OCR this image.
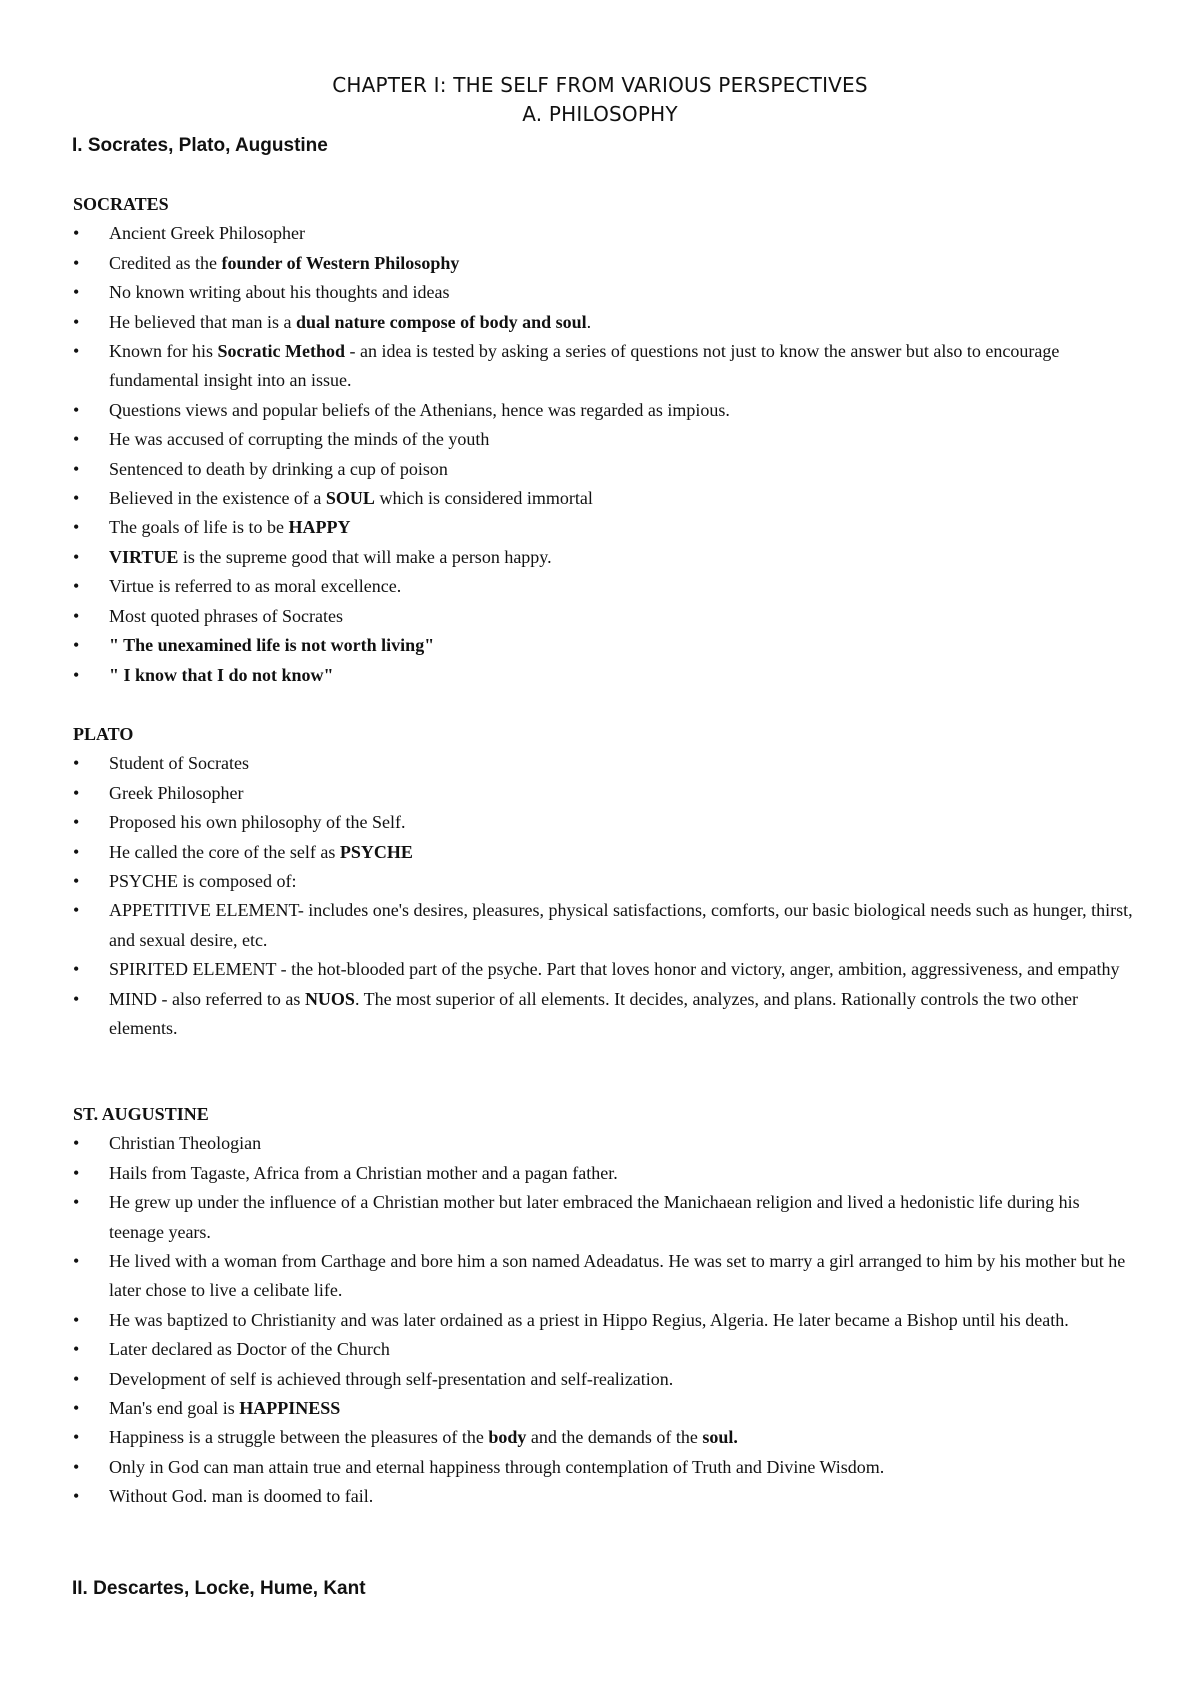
CHAPTER I: THE SELF FROM VARIOUS PERSPECTIVES
A. PHILOSOPHY
I. Socrates, Plato, Augustine
SOCRATES
•	Ancient Greek Philosopher
•	Credited as the founder of Western Philosophy
•	No known writing about his thoughts and ideas
•	He believed that man is a dual nature compose of body and soul.
•	Known for his Socratic Method - an idea is tested by asking a series of questions not just to know the answer but also to encourage fundamental insight into an issue.
•	Questions views and popular beliefs of the Athenians, hence was regarded as impious.
•	He was accused of corrupting the minds of the youth
•	Sentenced to death by drinking a cup of poison
•	Believed in the existence of a SOUL which is considered immortal
•	The goals of life is to be HAPPY
•	VIRTUE is the supreme good that will make a person happy.
•	Virtue is referred to as moral excellence.
•	Most quoted phrases of Socrates
•	" The unexamined life is not worth living"
•	" I know that I do not know"
PLATO
•	Student of Socrates
•	Greek Philosopher
•	Proposed his own philosophy of the Self.
•	He called the core of the self as PSYCHE
•	PSYCHE is composed of:
•	APPETITIVE ELEMENT- includes one's desires, pleasures, physical satisfactions, comforts, our basic biological needs such as hunger, thirst, and sexual desire, etc.
•	SPIRITED ELEMENT - the hot-blooded part of the psyche. Part that loves honor and victory, anger, ambition, aggressiveness, and empathy
•	MIND - also referred to as NUOS. The most superior of all elements. It decides, analyzes, and plans. Rationally controls the two other elements.
ST. AUGUSTINE
•	Christian Theologian
•	Hails from Tagaste, Africa from a Christian mother and a pagan father.
•	He grew up under the influence of a Christian mother but later embraced the Manichaean religion and lived a hedonistic life during his teenage years.
•	He lived with a woman from Carthage and bore him a son named Adeadatus. He was set to marry a girl arranged to him by his mother but he later chose to live a celibate life.
•	He was baptized to Christianity and was later ordained as a priest in Hippo Regius, Algeria. He later became a Bishop until his death.
•	Later declared as Doctor of the Church
•	Development of self is achieved through self-presentation and self-realization.
•	Man's end goal is HAPPINESS
•	Happiness is a struggle between the pleasures of the body and the demands of the soul.
•	Only in God can man attain true and eternal happiness through contemplation of Truth and Divine Wisdom.
•	Without God. man is doomed to fail.
II. Descartes, Locke, Hume, Kant
